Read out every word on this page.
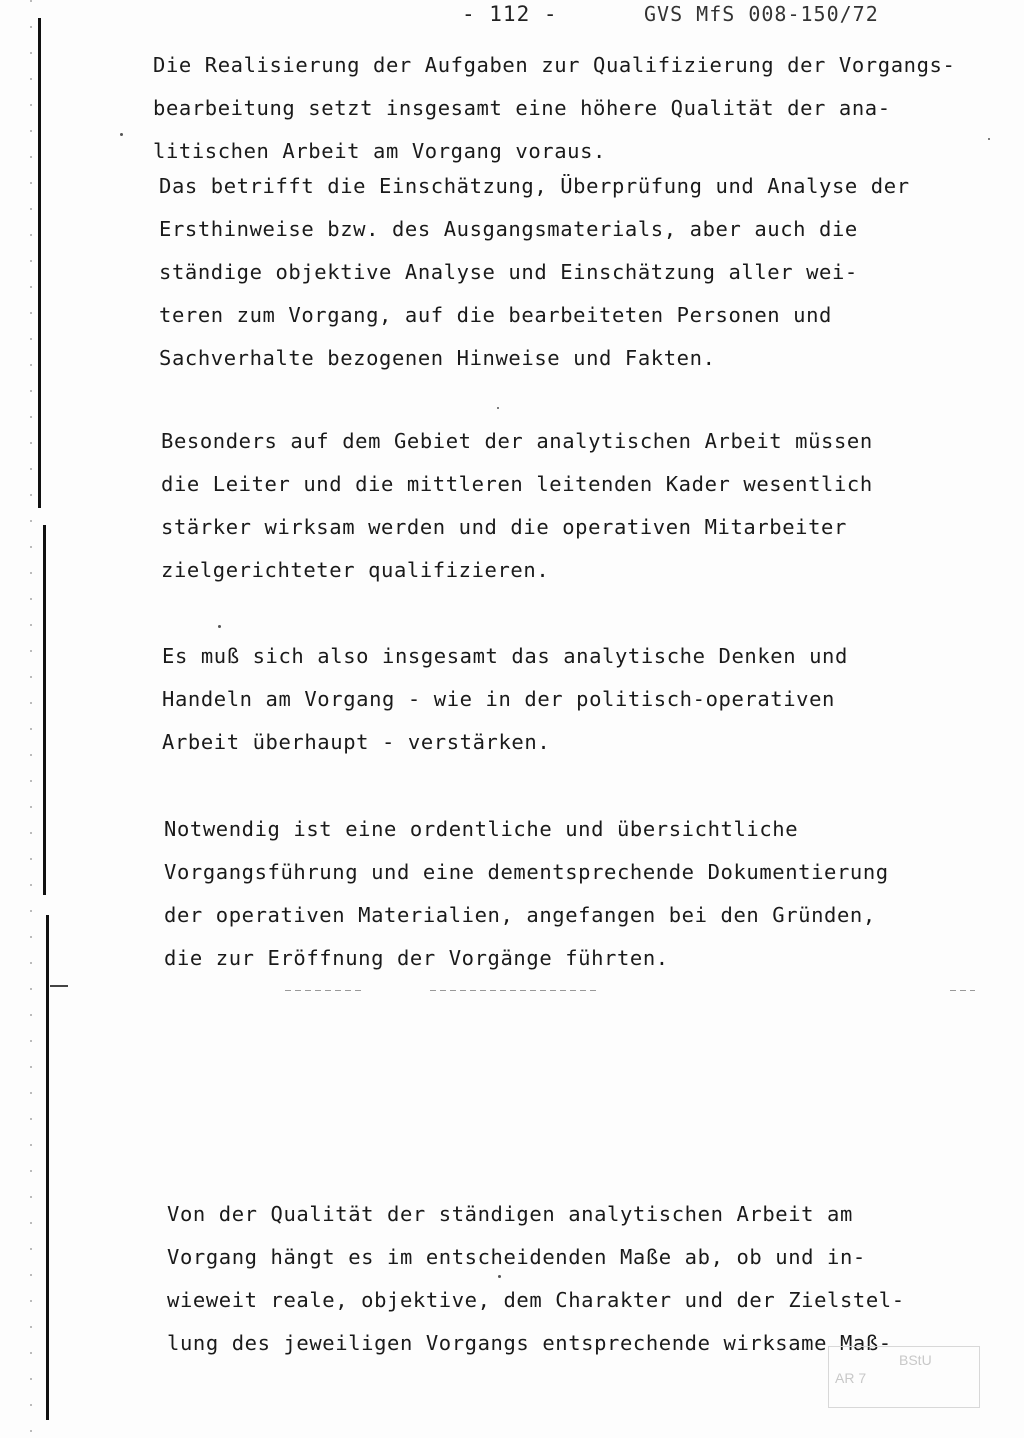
- 112 -	GVS MfS 008-150/72
Die Realisierung der Aufgaben zur Qualifizierung der Vorgangs-
bearbeitung setzt insgesamt eine höhere Qualität der ana-
litischen Arbeit am Vorgang voraus.
Das betrifft die Einschätzung, Überprüfung und Analyse der
Ersthinweise bzw. des Ausgangsmaterials, aber auch die
ständige objektive Analyse und Einschätzung aller wei-
teren zum Vorgang, auf die bearbeiteten Personen und
Sachverhalte bezogenen Hinweise und Fakten.
Besonders auf dem Gebiet der analytischen Arbeit müssen
die Leiter und die mittleren leitenden Kader wesentlich
stärker wirksam werden und die operativen Mitarbeiter
zielgerichteter qualifizieren.
Es muß sich also insgesamt das analytische Denken und
Handeln am Vorgang - wie in der politisch-operativen
Arbeit überhaupt - verstärken.
Notwendig ist eine ordentliche und übersichtliche
Vorgangsführung und eine dementsprechende Dokumentierung
der operativen Materialien, angefangen bei den Gründen,
die zur Eröffnung der Vorgänge führten.
Von der Qualität der ständigen analytischen Arbeit am
Vorgang hängt es im entscheidenden Maße ab, ob und in-
wieweit reale, objektive, dem Charakter und der Zielstel-
lung des jeweiligen Vorgangs entsprechende wirksame Maß-
BStU
AR 7
